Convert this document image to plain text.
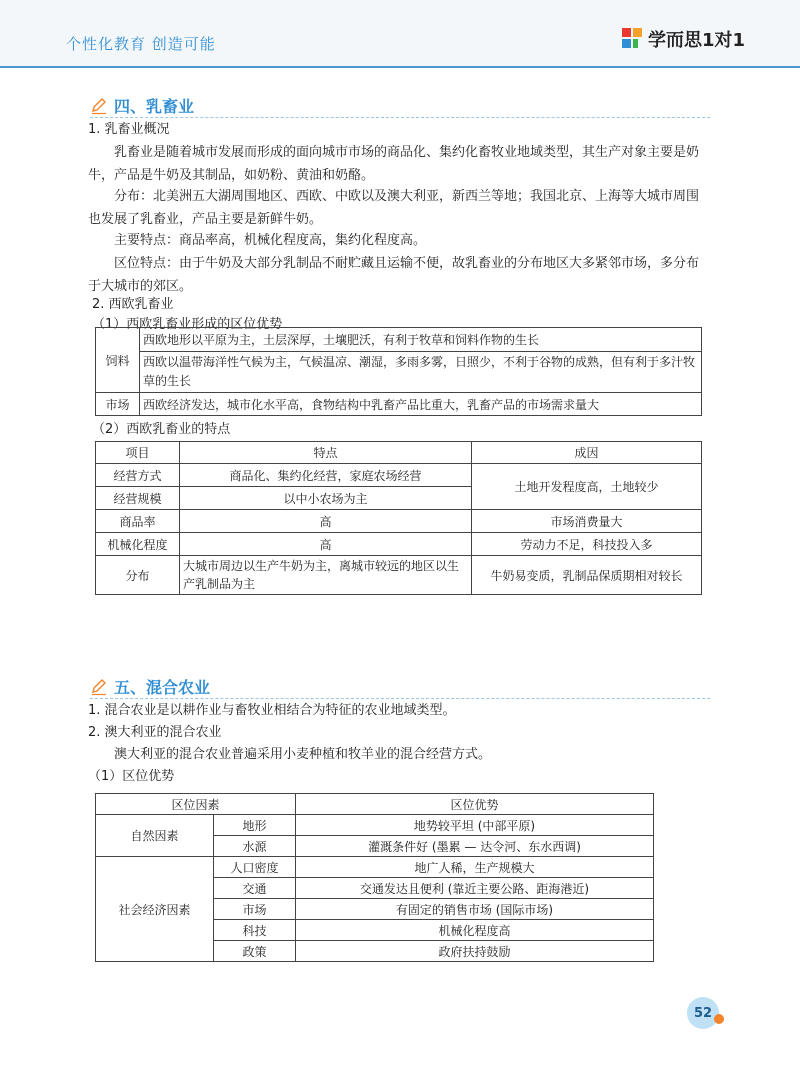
个性化教育 创造可能	学而思1对1
四、乳畜业
1. 乳畜业概况
乳畜业是随着城市发展而形成的面向城市市场的商品化、集约化畜牧业地域类型，其生产对象主要是奶牛，产品是牛奶及其制品，如奶粉、黄油和奶酪。
分布：北美洲五大湖周围地区、西欧、中欧以及澳大利亚，新西兰等地；我国北京、上海等大城市周围也发展了乳畜业，产品主要是新鲜牛奶。
主要特点：商品率高，机械化程度高，集约化程度高。
区位特点：由于牛奶及大部分乳制品不耐贮藏且运输不便，故乳畜业的分布地区大多紧邻市场，多分布于大城市的郊区。
2. 西欧乳畜业
（1）西欧乳畜业形成的区位优势
饲料	西欧地形以平原为主，土层深厚，土壤肥沃，有利于牧草和饲料作物的生长
	西欧以温带海洋性气候为主，气候温凉、潮湿，多雨多雾，日照少，不利于谷物的成熟，但有利于多汁牧草的生长
市场	西欧经济发达，城市化水平高，食物结构中乳畜产品比重大，乳畜产品的市场需求量大
（2）西欧乳畜业的特点
项目	特点	成因
经营方式	商品化、集约化经营，家庭农场经营	土地开发程度高，土地较少
经营规模	以中小农场为主	
商品率	高	市场消费量大
机械化程度	高	劳动力不足，科技投入多
分布	大城市周边以生产牛奶为主，离城市较远的地区以生产乳制品为主	牛奶易变质，乳制品保质期相对较长
五、混合农业
1. 混合农业是以耕作业与畜牧业相结合为特征的农业地域类型。
2. 澳大利亚的混合农业
澳大利亚的混合农业普遍采用小麦种植和牧羊业的混合经营方式。
（1）区位优势
区位因素		区位优势
自然因素	地形	地势较平坦 (中部平原)
	水源	灌溉条件好 (墨累 — 达令河、东水西调)
社会经济因素	人口密度	地广人稀，生产规模大
	交通	交通发达且便利 (靠近主要公路、距海港近)
	市场	有固定的销售市场 (国际市场)
	科技	机械化程度高
	政策	政府扶持鼓励
52
